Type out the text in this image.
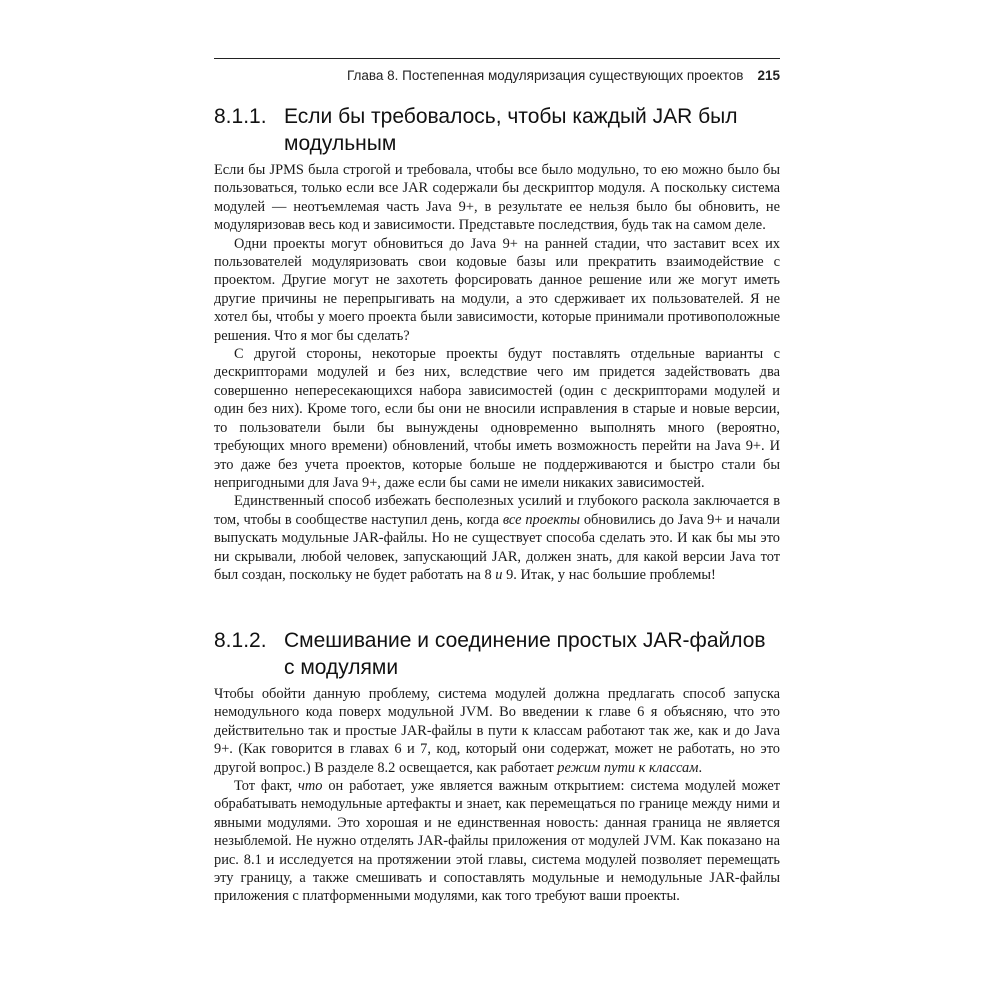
Глава 8. Постепенная модуляризация существующих проектов 215
8.1.1. Если бы требовалось, чтобы каждый JAR был модульным

Если бы JPMS была строгой и требовала, чтобы все было модульно, то ею можно было бы пользоваться, только если все JAR содержали бы дескриптор модуля. А поскольку система модулей — неотъемлемая часть Java 9+, в результате ее нельзя было бы обновить, не модуляризовав весь код и зависимости. Представьте последствия, будь так на самом деле.

Одни проекты могут обновиться до Java 9+ на ранней стадии, что заставит всех их пользователей модуляризовать свои кодовые базы или прекратить взаимодействие с проектом. Другие могут не захотеть форсировать данное решение или же могут иметь другие причины не перепрыгивать на модули, а это сдерживает их пользователей. Я не хотел бы, чтобы у моего проекта были зависимости, которые принимали противоположные решения. Что я мог бы сделать?

С другой стороны, некоторые проекты будут поставлять отдельные варианты с дескрипторами модулей и без них, вследствие чего им придется задействовать два совершенно непересекающихся набора зависимостей (один с дескрипторами модулей и один без них). Кроме того, если бы они не вносили исправления в старые и новые версии, то пользователи были бы вынуждены одновременно выполнять много (вероятно, требующих много времени) обновлений, чтобы иметь возможность перейти на Java 9+. И это даже без учета проектов, которые больше не поддерживаются и быстро стали бы непригодными для Java 9+, даже если бы сами не имели никаких зависимостей.

Единственный способ избежать бесполезных усилий и глубокого раскола заключается в том, чтобы в сообществе наступил день, когда все проекты обновились до Java 9+ и начали выпускать модульные JAR-файлы. Но не существует способа сделать это. И как бы мы это ни скрывали, любой человек, запускающий JAR, должен знать, для какой версии Java тот был создан, поскольку не будет работать на 8 и 9. Итак, у нас большие проблемы!

8.1.2. Смешивание и соединение простых JAR-файлов с модулями

Чтобы обойти данную проблему, система модулей должна предлагать способ запуска немодульного кода поверх модульной JVM. Во введении к главе 6 я объясняю, что это действительно так и простые JAR-файлы в пути к классам работают так же, как и до Java 9+. (Как говорится в главах 6 и 7, код, который они содержат, может не работать, но это другой вопрос.) В разделе 8.2 освещается, как работает режим пути к классам.

Тот факт, что он работает, уже является важным открытием: система модулей может обрабатывать немодульные артефакты и знает, как перемещаться по границе между ними и явными модулями. Это хорошая и не единственная новость: данная граница не является незыблемой. Не нужно отделять JAR-файлы приложения от модулей JVM. Как показано на рис. 8.1 и исследуется на протяжении этой главы, система модулей позволяет перемещать эту границу, а также смешивать и сопоставлять модульные и немодульные JAR-файлы приложения с платформенными модулями, как того требуют ваши проекты.
